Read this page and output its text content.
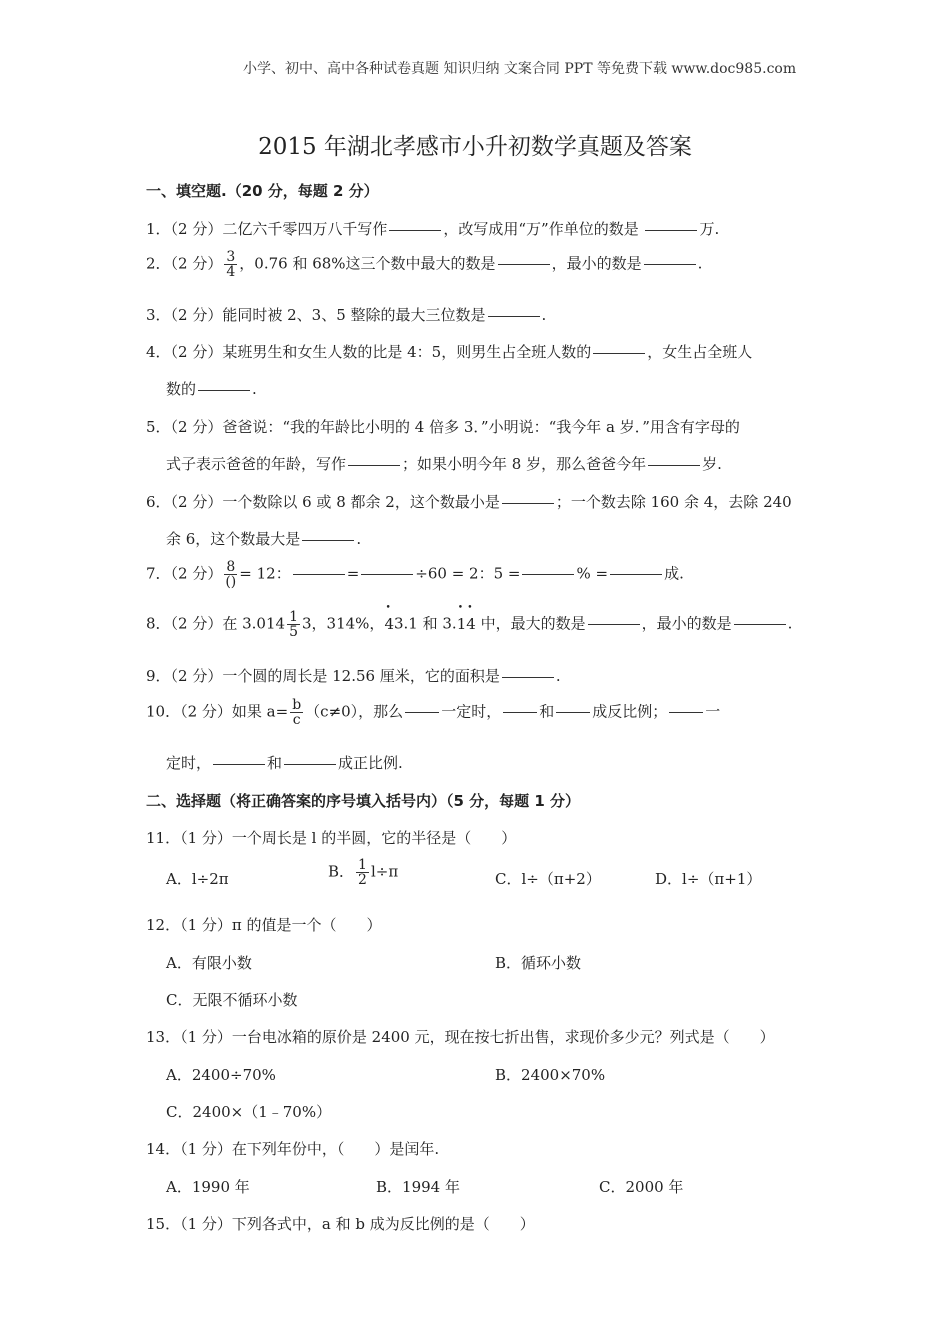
小学、初中、高中各种试卷真题 知识归纳 文案合同 PPT 等免费下载 www.doc985.com
2015 年湖北孝感市小升初数学真题及答案
一、填空题.（20 分，每题 2 分）
1．（2 分）二亿六千零四万八千写作	，改写成用“万”作单位的数是	万.
2．（2 分） $\frac{3}{4}$ ，0.76 和 68%这三个数中最大的数是	，最小的数是	.
3．（2 分）能同时被 2、3、5 整除的最大三位数是	.
4．（2 分）某班男生和女生人数的比是 4：5，则男生占全班人数的	，女生占全班人
数的	.
5．（2 分）爸爸说：“我的年龄比小明的 4 倍多 3．”小明说：“我今年 a 岁．”用含有字母的
式子表示爸爸的年龄，写作	；如果小明今年 8 岁，那么爸爸今年	岁.
6．（2 分）一个数除以 6 或 8 都余 2，这个数最小是	；一个数去除 160 余 4，去除 240
余 6，这个数最大是	.
7．（2 分） $\frac{8}{()} = 12$：	=	÷60 = 2：5 =	% =	成.
8．（2 分）在 $3.014 \frac{1}{5} 3$，314%，• 43.1 和 3.• 1• 4 中，最大的数是	，最小的数是	.
9．（2 分）一个圆的周长是 12.56 厘米，它的面积是	.
10．（2 分）如果 $a= \frac{b}{c} (c\ne 0)$，那么	一定时，	和	成反比例；	一
定时，	和	成正比例.
二、选择题（将正确答案的序号填入括号内）（5 分，每题 1 分）
11．（1 分）一个周长是 l 的半圆，它的半径是（　　）
A．l÷2π	B． $\frac{1}{2} l\div\pi$	C．l÷（π+2）	D．l÷（π+1）
12．（1 分）π 的值是一个（　　）
A．有限小数	B．循环小数
C．无限不循环小数
13．（1 分）一台电冰箱的原价是 2400 元，现在按七折出售，求现价多少元？列式是（　　）
A．2400÷70%	B．2400×70%
C．2400×（1﹣70%）
14．（1 分）在下列年份中，（　　）是闰年.
A．1990 年	B．1994 年	C．2000 年
15．（1 分）下列各式中，a 和 b 成为反比例的是（　　）
